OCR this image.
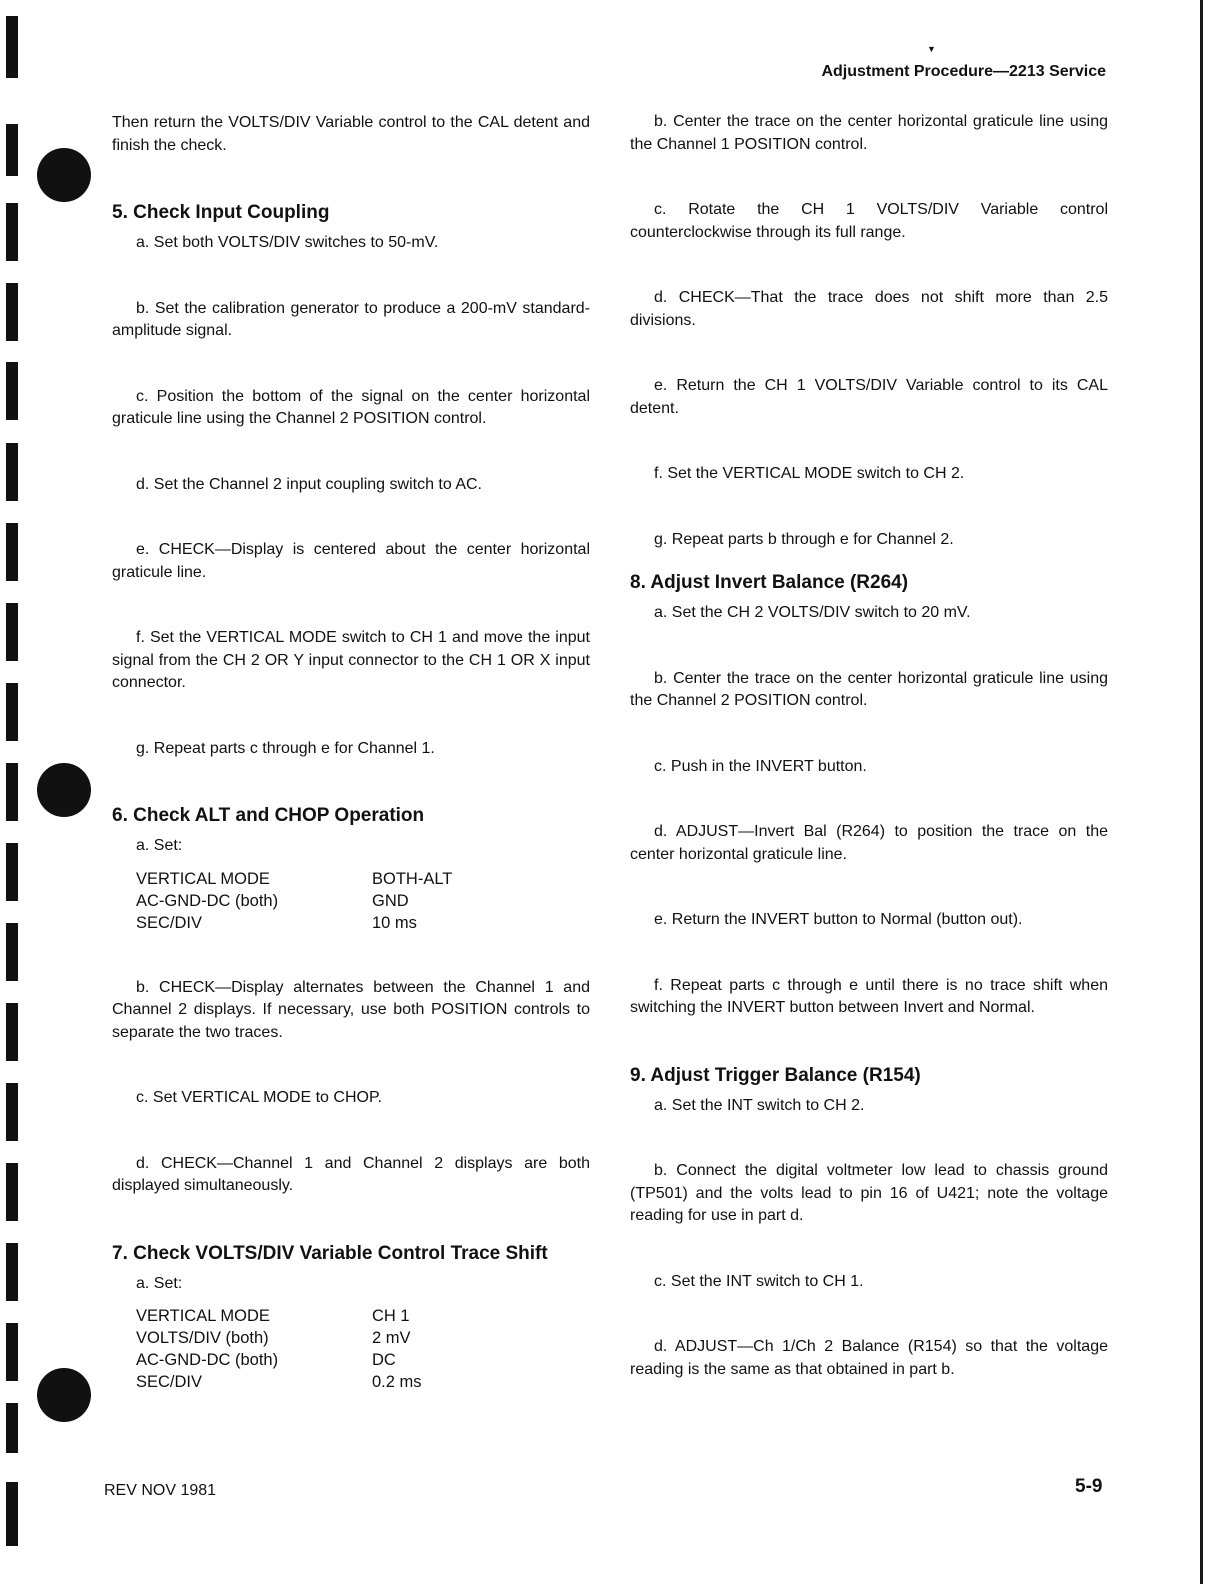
▼
Adjustment Procedure—2213 Service

Then return the VOLTS/DIV Variable control to the CAL detent and finish the check.

5. Check Input Coupling

a. Set both VOLTS/DIV switches to 50-mV.

b. Set the calibration generator to produce a 200-mV standard-amplitude signal.

c. Position the bottom of the signal on the center horizontal graticule line using the Channel 2 POSITION control.

d. Set the Channel 2 input coupling switch to AC.

e. CHECK—Display is centered about the center horizontal graticule line.

f. Set the VERTICAL MODE switch to CH 1 and move the input signal from the CH 2 OR Y input connector to the CH 1 OR X input connector.

g. Repeat parts c through e for Channel 1.

6. Check ALT and CHOP Operation

a. Set:

VERTICAL MODE	BOTH-ALT
AC-GND-DC (both)	GND
SEC/DIV	10 ms

b. CHECK—Display alternates between the Channel 1 and Channel 2 displays. If necessary, use both POSITION controls to separate the two traces.

c. Set VERTICAL MODE to CHOP.

d. CHECK—Channel 1 and Channel 2 displays are both displayed simultaneously.

7. Check VOLTS/DIV Variable Control Trace Shift

a. Set:

VERTICAL MODE	CH 1
VOLTS/DIV (both)	2 mV
AC-GND-DC (both)	DC
SEC/DIV	0.2 ms

b. Center the trace on the center horizontal graticule line using the Channel 1 POSITION control.

c. Rotate the CH 1 VOLTS/DIV Variable control counterclockwise through its full range.

d. CHECK—That the trace does not shift more than 2.5 divisions.

e. Return the CH 1 VOLTS/DIV Variable control to its CAL detent.

f. Set the VERTICAL MODE switch to CH 2.

g. Repeat parts b through e for Channel 2.

8. Adjust Invert Balance (R264)

a. Set the CH 2 VOLTS/DIV switch to 20 mV.

b. Center the trace on the center horizontal graticule line using the Channel 2 POSITION control.

c. Push in the INVERT button.

d. ADJUST—Invert Bal (R264) to position the trace on the center horizontal graticule line.

e. Return the INVERT button to Normal (button out).

f. Repeat parts c through e until there is no trace shift when switching the INVERT button between Invert and Normal.

9. Adjust Trigger Balance (R154)

a. Set the INT switch to CH 2.

b. Connect the digital voltmeter low lead to chassis ground (TP501) and the volts lead to pin 16 of U421; note the voltage reading for use in part d.

c. Set the INT switch to CH 1.

d. ADJUST—Ch 1/Ch 2 Balance (R154) so that the voltage reading is the same as that obtained in part b.

REV NOV 1981	5-9
